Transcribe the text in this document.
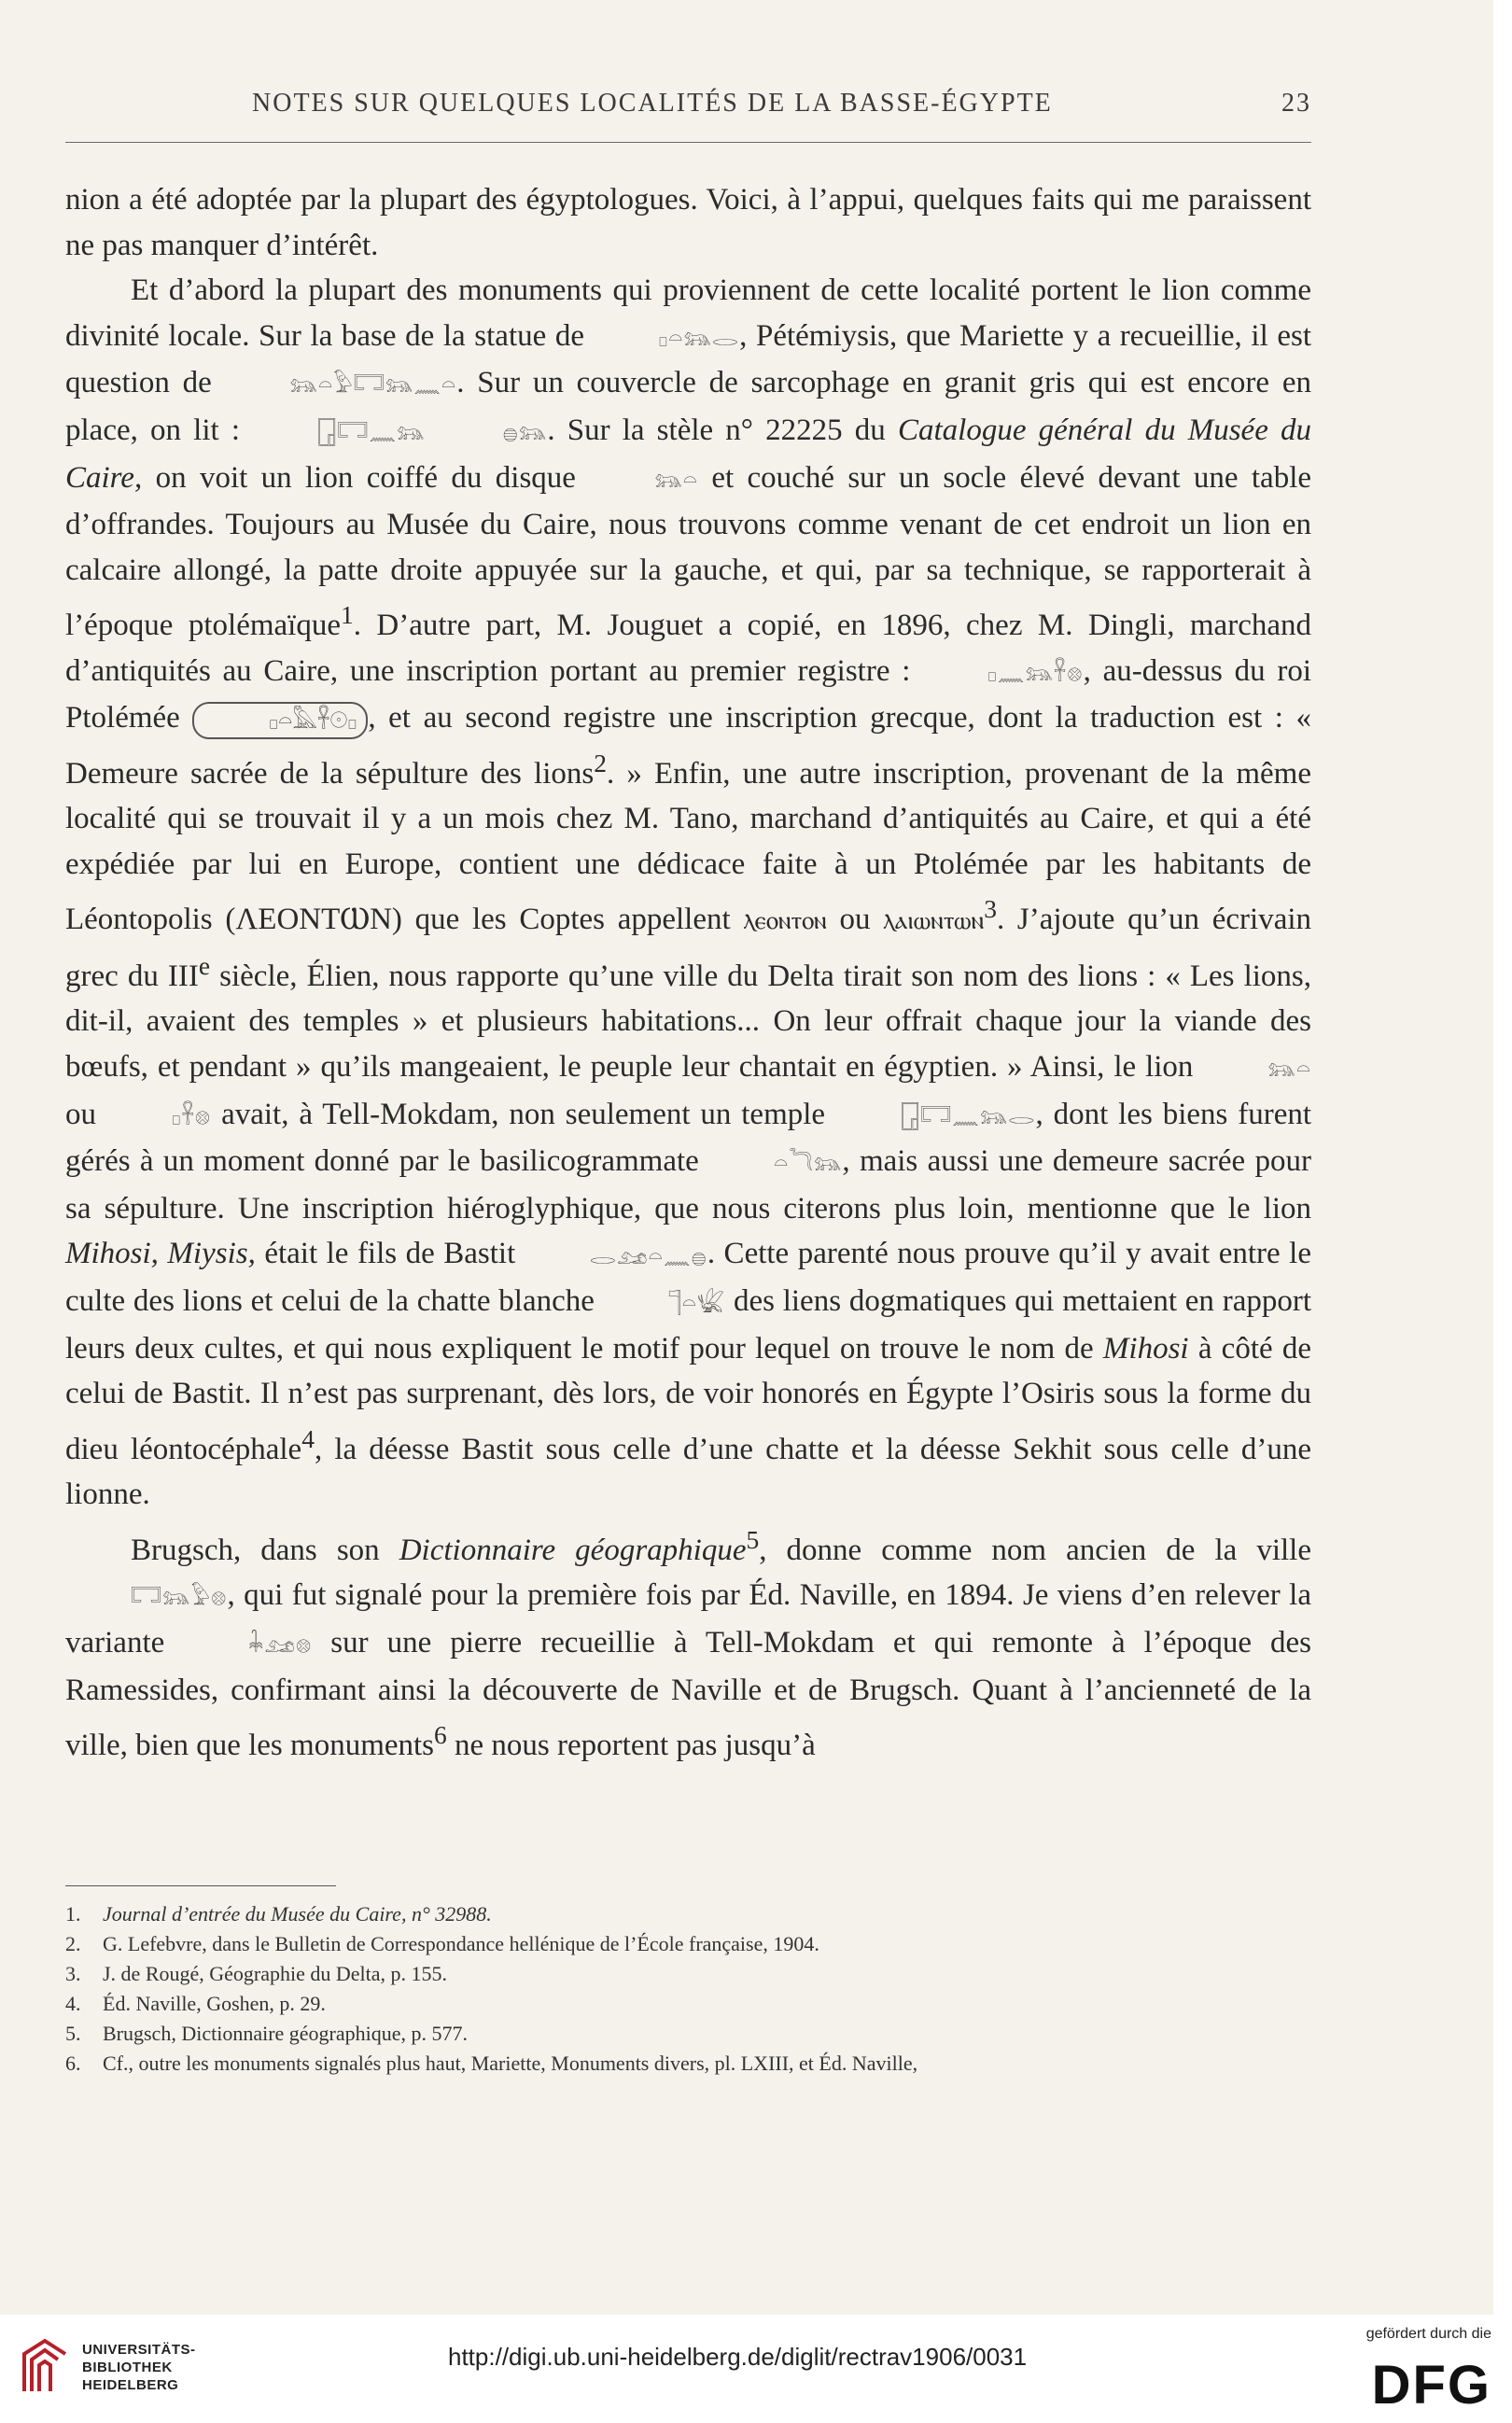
NOTES SUR QUELQUES LOCALITÉS DE LA BASSE-ÉGYPTE	23

nion a été adoptée par la plupart des égyptologues. Voici, à l’appui, quelques faits qui me paraissent ne pas manquer d’intérêt.

Et d’abord la plupart des monuments qui proviennent de cette localité portent le lion comme divinité locale. Sur la base de la statue de	𓊪𓏏𓃬𓂋, Pétémiysis, que Mariette y a recueillie, il est question de	𓃬𓏏𓅱𓉐𓃬𓈖𓏏. Sur un couvercle de sarcophage en granit gris qui est encore en place, on lit :	𓉗𓉐𓈖𓃬	𓐍𓃬. Sur la stèle n° 22225 du Catalogue général du Musée du Caire, on voit un lion coiffé du disque	𓃬𓏏 et couché sur un socle élevé devant une table d’offrandes. Toujours au Musée du Caire, nous trouvons comme venant de cet endroit un lion en calcaire allongé, la patte droite appuyée sur la gauche, et qui, par sa technique, se rapporterait à l’époque ptolémaïque$^1$. D’autre part, M. Jouguet a copié, en 1896, chez M. Dingli, marchand d’antiquités au Caire, une inscription portant au premier registre :	𓊪𓈖𓃬𓋹𓊖, au-dessus du roi Ptolémée	𓊪𓏏𓅓𓋹𓇳𓊪 , et au second registre une inscription grecque, dont la traduction est : « Demeure sacrée de la sépulture des lions$^2$. » Enfin, une autre inscription, provenant de la même localité qui se trouvait il y a un mois chez M. Tano, marchand d’antiquités au Caire, et qui a été expédiée par lui en Europe, contient une dédicace faite à un Ptolémée par les habitants de Léontopolis (ΛEONTⲰN) que les Coptes appellent ⲗⲉⲟⲛⲧⲟⲛ ou ⲗⲁⲓⲱⲛⲧⲱⲛ$^3$. J’ajoute qu’un écrivain grec du IIIe siècle, Élien, nous rapporte qu’une ville du Delta tirait son nom des lions : « Les lions, dit-il, avaient des temples » et plusieurs habitations... On leur offrait chaque jour la viande des bœufs, et pendant » qu’ils mangeaient, le peuple leur chantait en égyptien. » Ainsi, le lion	𓃬𓏏 ou	𓊪𓋹𓊖 avait, à Tell-Mokdam, non seulement un temple	𓉗𓉐𓈖𓃬𓂋, dont les biens furent gérés à un moment donné par le basilicogrammate	𓏏𓆓𓃬, mais aussi une demeure sacrée pour sa sépulture. Une inscription hiéroglyphique, que nous citerons plus loin, mentionne que le lion Mihosi, Miysis, était le fils de Bastit	𓂋𓃭𓏏𓈖𓐍. Cette parenté nous prouve qu’il y avait entre le culte des lions et celui de la chatte blanche	𓊹𓏏𓆤 des liens dogmatiques qui mettaient en rapport leurs deux cultes, et qui nous expliquent le motif pour lequel on trouve le nom de Mihosi à côté de celui de Bastit. Il n’est pas surprenant, dès lors, de voir honorés en Égypte l’Osiris sous la forme du dieu léontocéphale$^4$, la déesse Bastit sous celle d’une chatte et la déesse Sekhit sous celle d’une lionne.

Brugsch, dans son Dictionnaire géographique$^5$, donne comme nom ancien de la ville 𓉐𓃬𓅱𓊖, qui fut signalé pour la première fois par Éd. Naville, en 1894. Je viens d’en relever la variante	𓇓𓃭𓊖 sur une pierre recueillie à Tell-Mokdam et qui remonte à l’époque des Ramessides, confirmant ainsi la découverte de Naville et de Brugsch. Quant à l’ancienneté de la ville, bien que les monuments$^6$ ne nous reportent pas jusqu’à

1. Journal d’entrée du Musée du Caire, n° 32988.
2. G. Lefebvre, dans le Bulletin de Correspondance hellénique de l’École française, 1904.
3. J. de Rougé, Géographie du Delta, p. 155.
4. Éd. Naville, Goshen, p. 29.
5. Brugsch, Dictionnaire géographique, p. 577.
6. Cf., outre les monuments signalés plus haut, Mariette, Monuments divers, pl. LXIII, et Éd. Naville,
UNIVERSITÄTS-
BIBLIOTHEK
HEIDELBERG
http://digi.ub.uni-heidelberg.de/diglit/rectrav1906/0031
gefördert durch die
DFG
